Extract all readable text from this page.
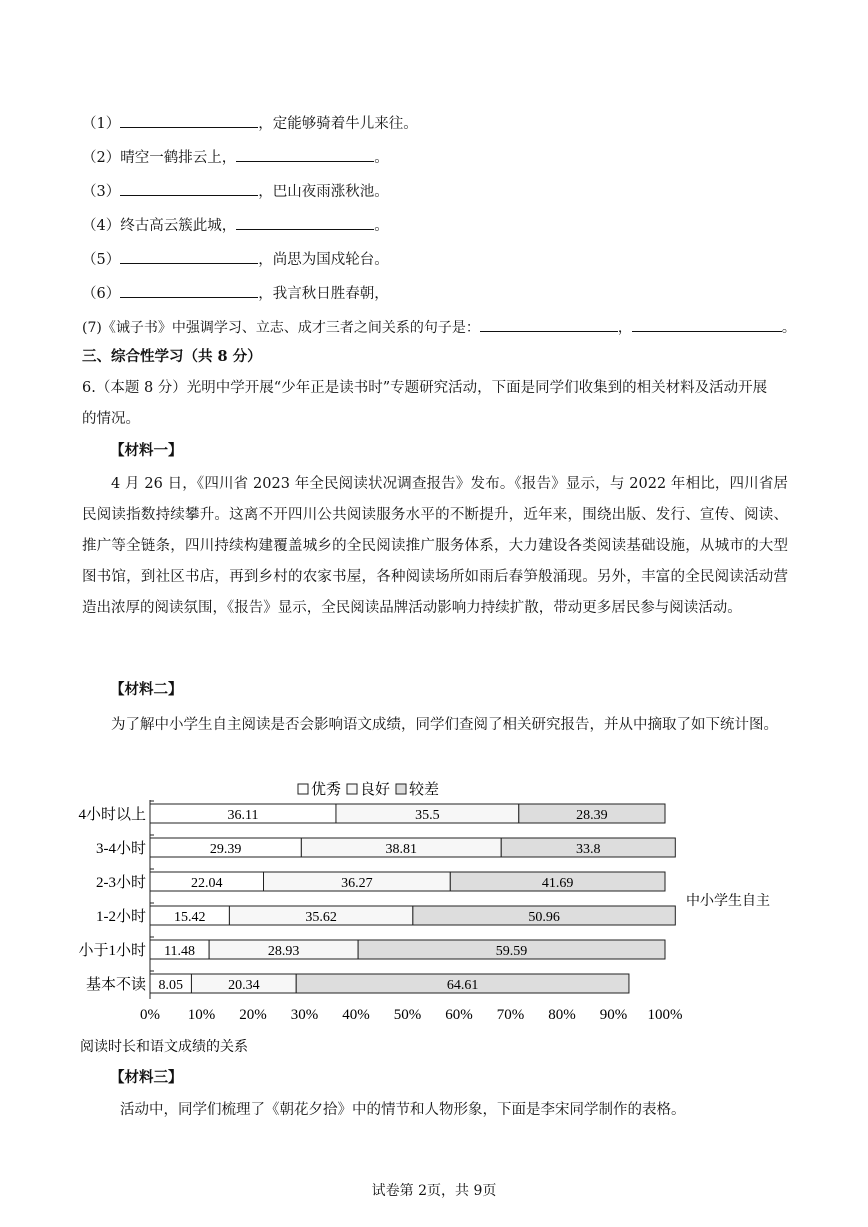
（1）	，定能够骑着牛儿来往。
（2）晴空一鹤排云上，	。
（3）	，巴山夜雨涨秋池。
（4）终古高云簇此城，	。
（5）	，尚思为国戍轮台。
（6）	，我言秋日胜春朝，
(7)《诫子书》中强调学习、立志、成才三者之间关系的句子是：	，	。
三、综合性学习（共 8 分）
6.（本题 8 分）光明中学开展“少年正是读书时”专题研究活动，下面是同学们收集到的相关材料及活动开展
的情况。
【材料一】
4 月 26 日，《四川省 2023 年全民阅读状况调查报告》发布。《报告》显示，与 2022 年相比，四川省居民阅读指数持续攀升。这离不开四川公共阅读服务水平的不断提升，近年来，围绕出版、发行、宣传、阅读、推广等全链条，四川持续构建覆盖城乡的全民阅读推广服务体系，大力建设各类阅读基础设施，从城市的大型图书馆，到社区书店，再到乡村的农家书屋，各种阅读场所如雨后春笋般涌现。另外，丰富的全民阅读活动营造出浓厚的阅读氛围，《报告》显示，全民阅读品牌活动影响力持续扩散，带动更多居民参与阅读活动。
【材料二】
为了解中小学生自主阅读是否会影响语文成绩，同学们查阅了相关研究报告，并从中摘取了如下统计图。
优秀 良好 较差
4小时以上	36.11	35.5	28.39
3-4小时	29.39	38.81	33.8
2-3小时	22.04	36.27	41.69
1-2小时 15.42	35.62	50.96
小于1小时 11.48	28.93	59.59
基本不读 8.05	20.34	64.61
0% 10% 20% 30% 40% 50% 60% 70% 80% 90% 100%
中小学生自主
阅读时长和语文成绩的关系
【材料三】
活动中，同学们梳理了《朝花夕拾》中的情节和人物形象，下面是李宋同学制作的表格。
试卷第 2页，共 9页
